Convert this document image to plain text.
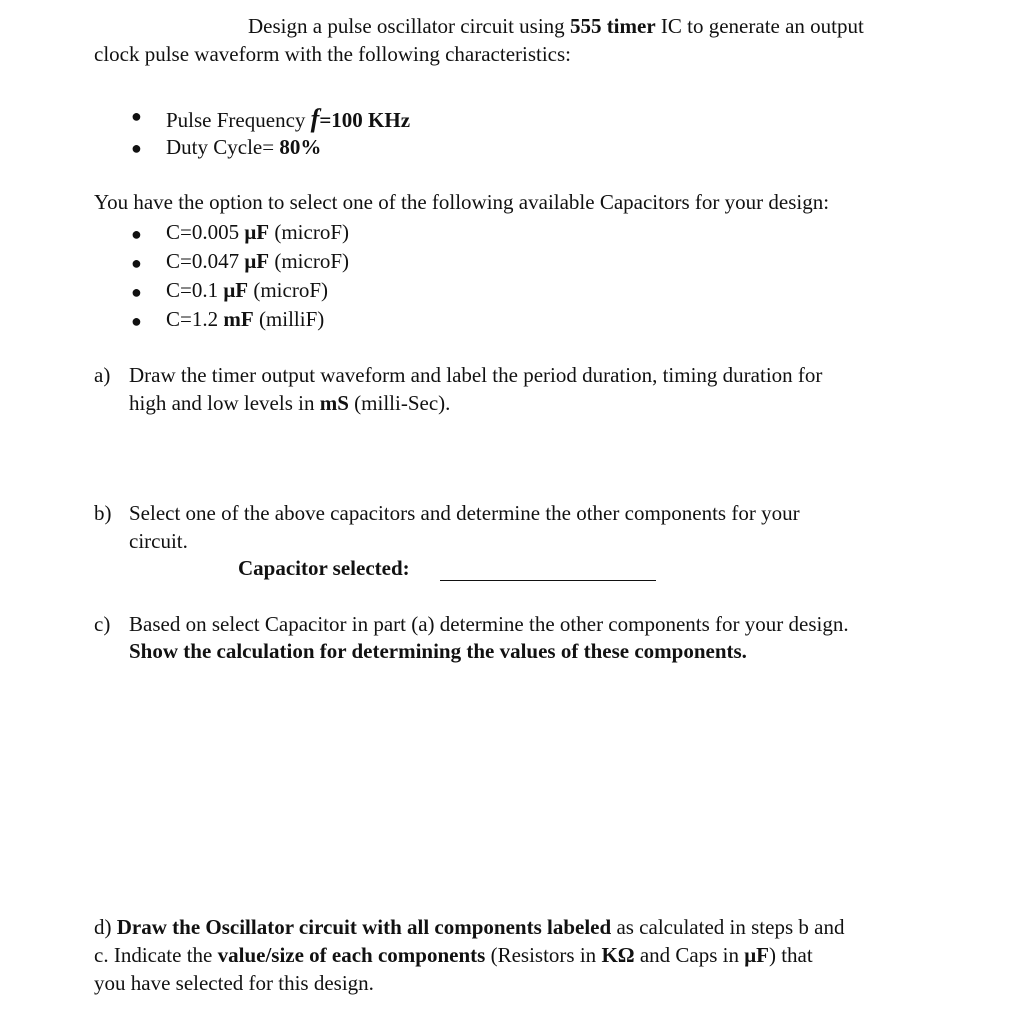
Design a pulse oscillator circuit using 555 timer IC to generate an output
clock pulse waveform with the following characteristics:
● Pulse Frequency f=100 KHz
● Duty Cycle= 80%
You have the option to select one of the following available Capacitors for your design:
● C=0.005 μF (microF)
● C=0.047 μF (microF)
● C=0.1 μF (microF)
● C=1.2 mF (milliF)
a) Draw the timer output waveform and label the period duration, timing duration for
high and low levels in mS (milli-Sec).
b) Select one of the above capacitors and determine the other components for your
circuit.
Capacitor selected:
c) Based on select Capacitor in part (a) determine the other components for your design.
Show the calculation for determining the values of these components.
d) Draw the Oscillator circuit with all components labeled as calculated in steps b and
c. Indicate the value/size of each components (Resistors in KΩ and Caps in μF) that
you have selected for this design.
